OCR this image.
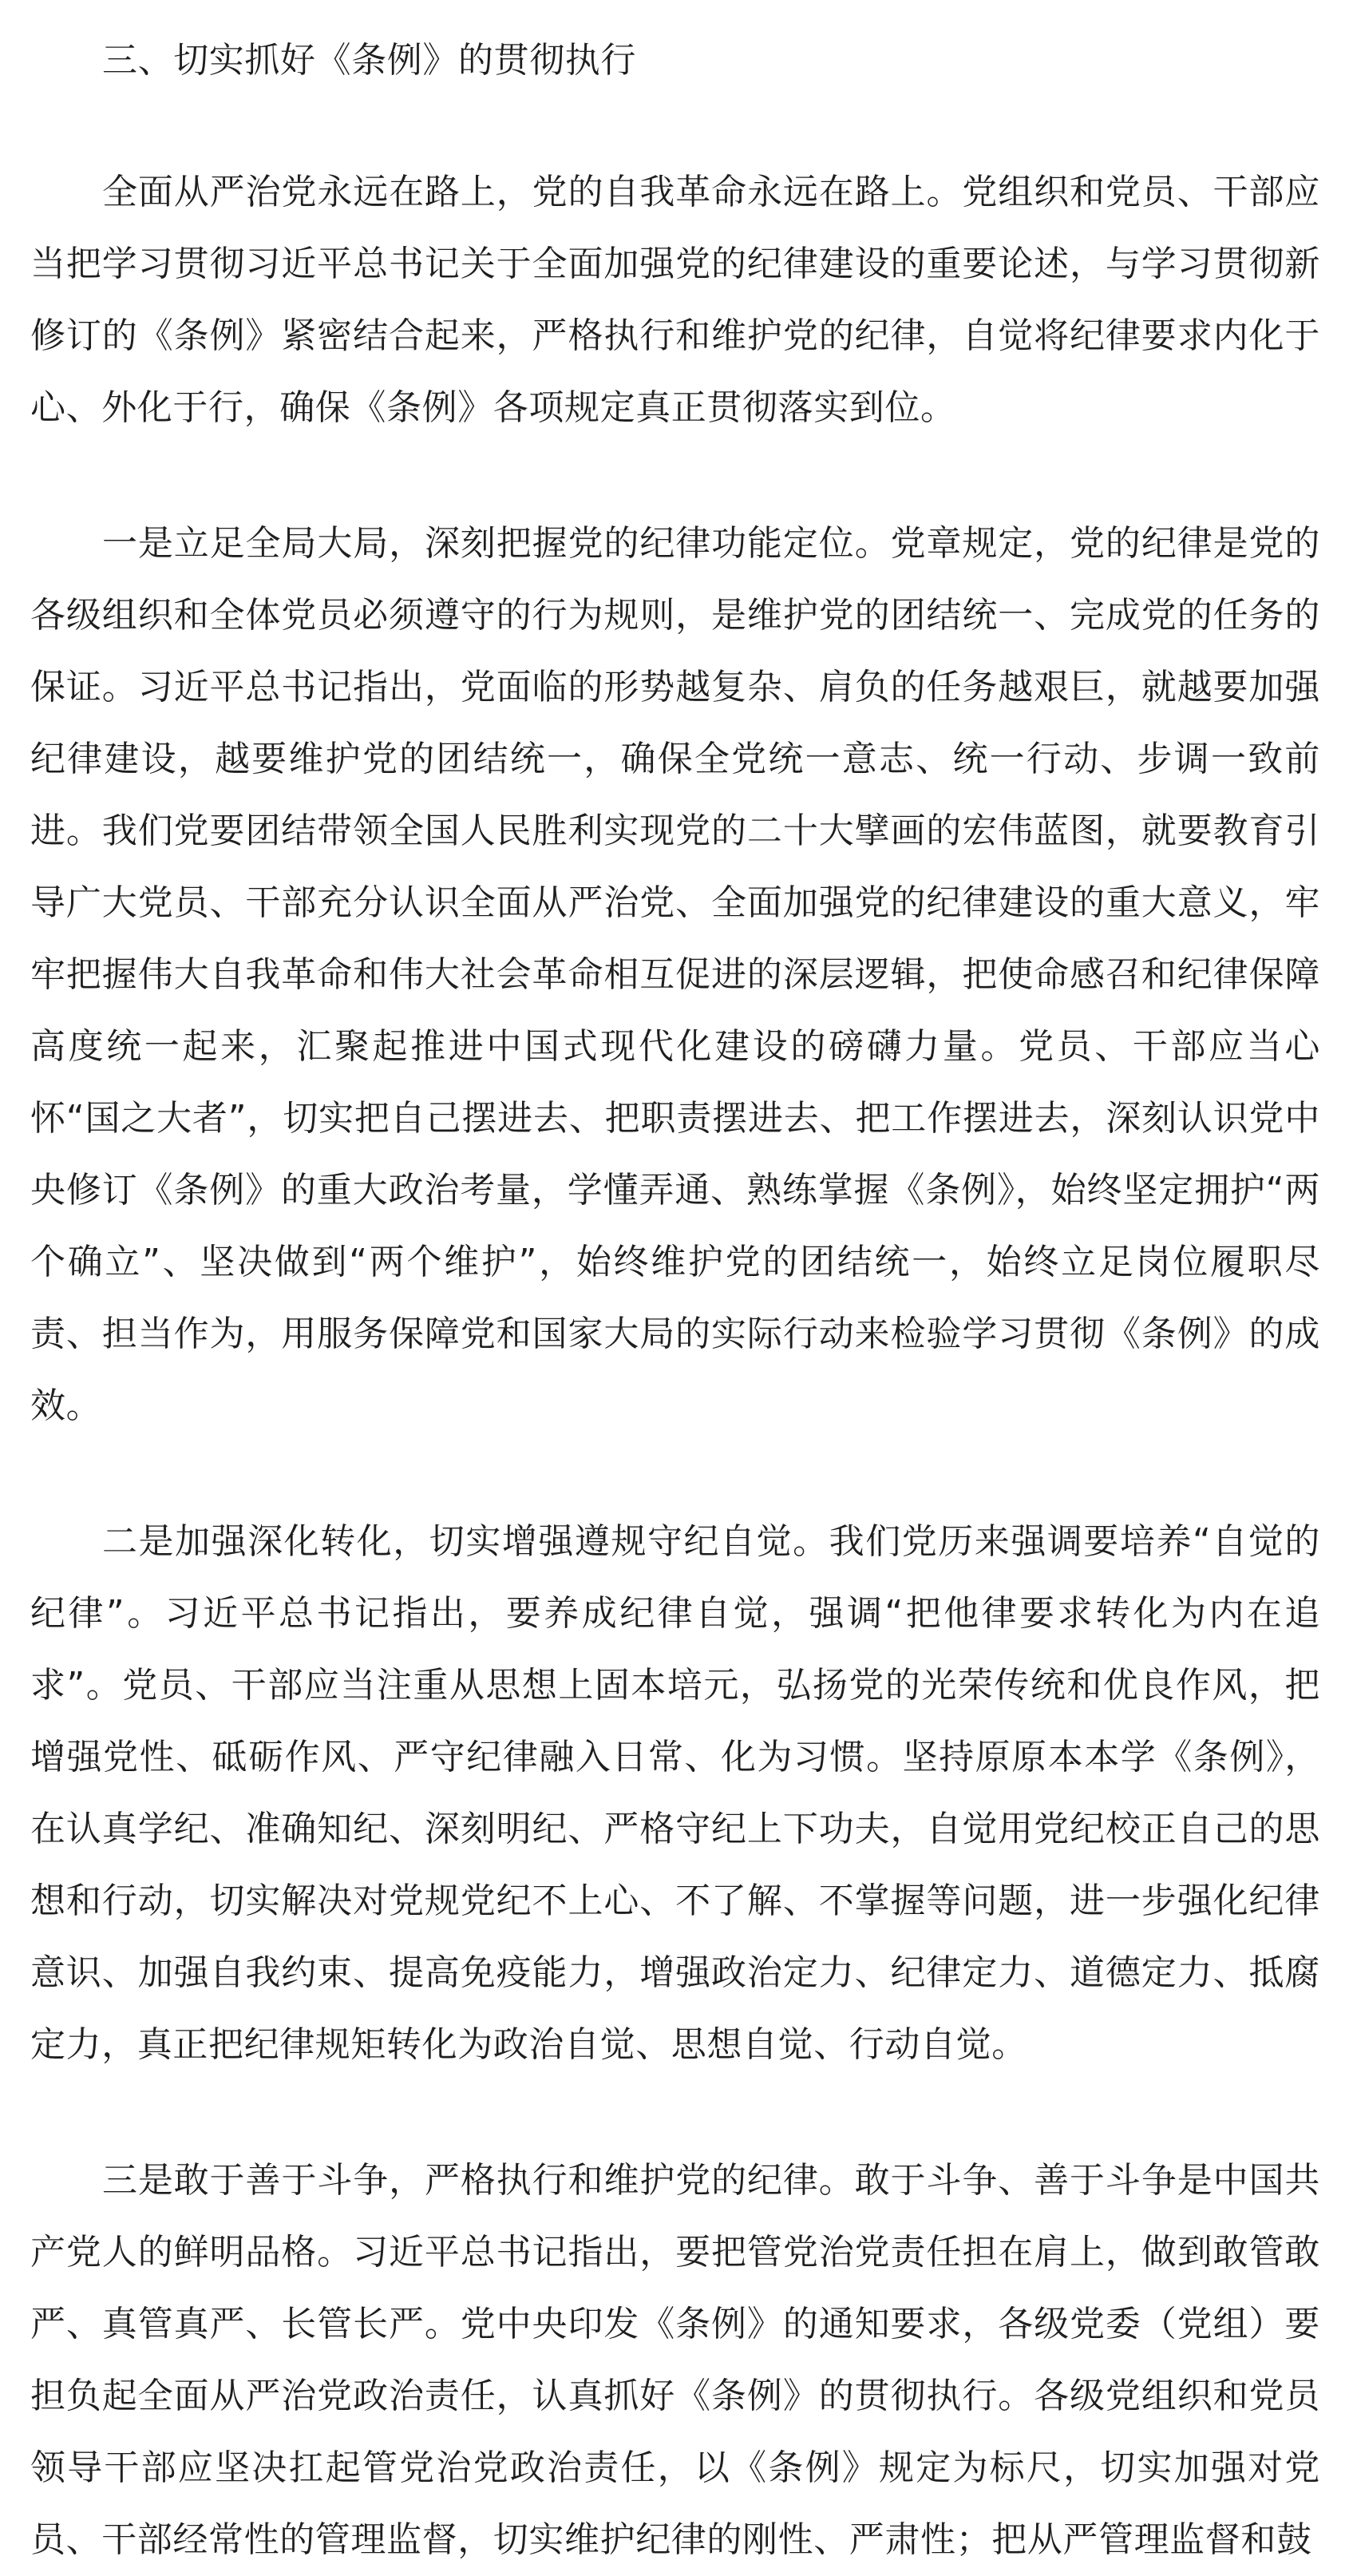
三、切实抓好《条例》的贯彻执行

全面从严治党永远在路上，党的自我革命永远在路上。党组织和党员、干部应当把学习贯彻习近平总书记关于全面加强党的纪律建设的重要论述，与学习贯彻新修订的《条例》紧密结合起来，严格执行和维护党的纪律，自觉将纪律要求内化于心、外化于行，确保《条例》各项规定真正贯彻落实到位。

一是立足全局大局，深刻把握党的纪律功能定位。党章规定，党的纪律是党的各级组织和全体党员必须遵守的行为规则，是维护党的团结统一、完成党的任务的保证。习近平总书记指出，党面临的形势越复杂、肩负的任务越艰巨，就越要加强纪律建设，越要维护党的团结统一，确保全党统一意志、统一行动、步调一致前进。我们党要团结带领全国人民胜利实现党的二十大擘画的宏伟蓝图，就要教育引导广大党员、干部充分认识全面从严治党、全面加强党的纪律建设的重大意义，牢牢把握伟大自我革命和伟大社会革命相互促进的深层逻辑，把使命感召和纪律保障高度统一起来，汇聚起推进中国式现代化建设的磅礴力量。党员、干部应当心怀“国之大者”，切实把自己摆进去、把职责摆进去、把工作摆进去，深刻认识党中央修订《条例》的重大政治考量，学懂弄通、熟练掌握《条例》，始终坚定拥护“两个确立”、坚决做到“两个维护”，始终维护党的团结统一，始终立足岗位履职尽责、担当作为，用服务保障党和国家大局的实际行动来检验学习贯彻《条例》的成效。

二是加强深化转化，切实增强遵规守纪自觉。我们党历来强调要培养“自觉的纪律”。习近平总书记指出，要养成纪律自觉，强调“把他律要求转化为内在追求”。党员、干部应当注重从思想上固本培元，弘扬党的光荣传统和优良作风，把增强党性、砥砺作风、严守纪律融入日常、化为习惯。坚持原原本本学《条例》，在认真学纪、准确知纪、深刻明纪、严格守纪上下功夫，自觉用党纪校正自己的思想和行动，切实解决对党规党纪不上心、不了解、不掌握等问题，进一步强化纪律意识、加强自我约束、提高免疫能力，增强政治定力、纪律定力、道德定力、抵腐定力，真正把纪律规矩转化为政治自觉、思想自觉、行动自觉。

三是敢于善于斗争，严格执行和维护党的纪律。敢于斗争、善于斗争是中国共产党人的鲜明品格。习近平总书记指出，要把管党治党责任担在肩上，做到敢管敢严、真管真严、长管长严。党中央印发《条例》的通知要求，各级党委（党组）要担负起全面从严治党政治责任，认真抓好《条例》的贯彻执行。各级党组织和党员领导干部应坚决扛起管党治党政治责任，以《条例》规定为标尺，切实加强对党员、干部经常性的管理监督，切实维护纪律的刚性、严肃性；把从严管理监督和鼓
